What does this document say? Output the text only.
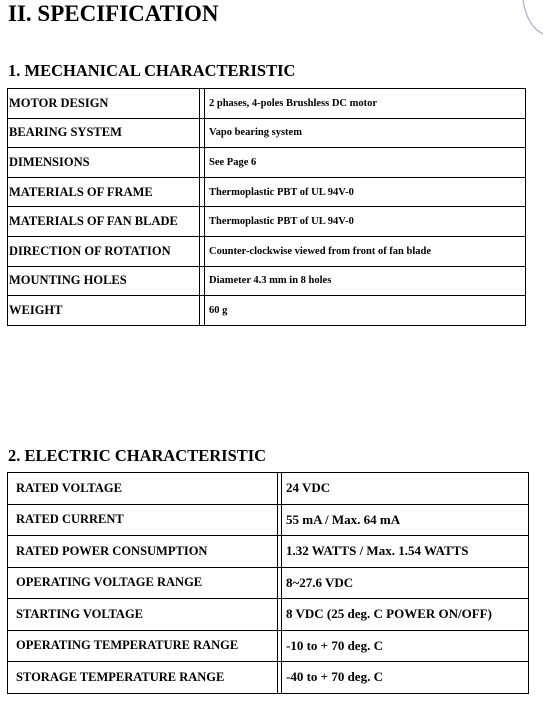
II. SPECIFICATION
1. MECHANICAL CHARACTERISTIC
MOTOR DESIGN		2 phases, 4-poles Brushless DC motor
BEARING SYSTEM		Vapo bearing system
DIMENSIONS		See Page 6
MATERIALS OF FRAME		Thermoplastic PBT of UL 94V-0
MATERIALS OF FAN BLADE		Thermoplastic PBT of UL 94V-0
DIRECTION OF ROTATION		Counter-clockwise viewed from front of fan blade
MOUNTING HOLES		Diameter 4.3 mm in 8 holes
WEIGHT		60 g
2. ELECTRIC CHARACTERISTIC
RATED VOLTAGE		24 VDC
RATED CURRENT		55 mA / Max. 64 mA
RATED POWER CONSUMPTION		1.32 WATTS / Max. 1.54 WATTS
OPERATING VOLTAGE RANGE		8~27.6 VDC
STARTING VOLTAGE		8 VDC (25 deg. C POWER ON/OFF)
OPERATING TEMPERATURE RANGE		-10 to + 70 deg. C
STORAGE TEMPERATURE RANGE		-40 to + 70 deg. C
